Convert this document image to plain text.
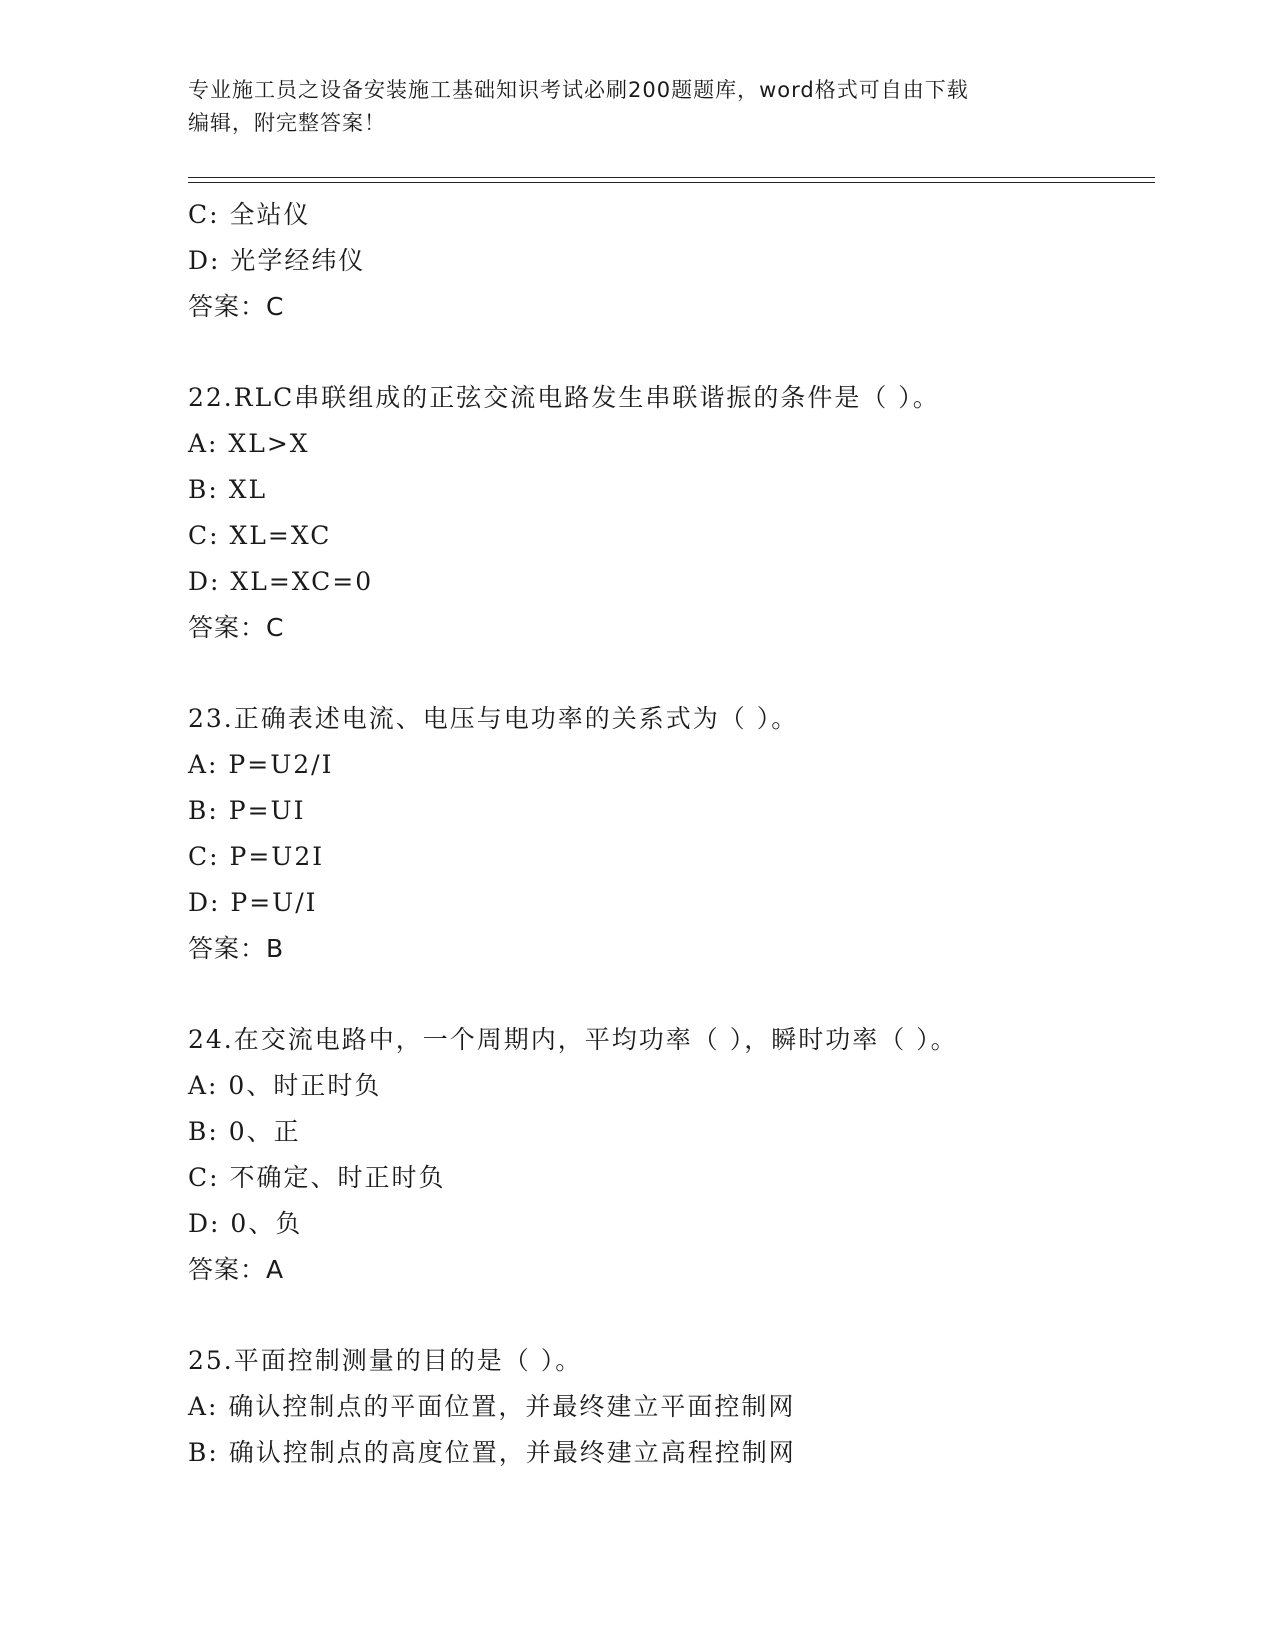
专业施工员之设备安装施工基础知识考试必刷200题题库，word格式可自由下载
编辑，附完整答案！
C: 全站仪
D: 光学经纬仪
答案：C
22.RLC串联组成的正弦交流电路发生串联谐振的条件是（ ）。
A: XL>X
B: XL
C: XL=XC
D: XL=XC=0
答案：C
23.正确表述电流、电压与电功率的关系式为（ ）。
A: P=U2/I
B: P=UI
C: P=U2I
D: P=U/I
答案：B
24.在交流电路中，一个周期内，平均功率（ ），瞬时功率（ ）。
A: 0、时正时负
B: 0、正
C: 不确定、时正时负
D: 0、负
答案：A
25.平面控制测量的目的是（ ）。
A: 确认控制点的平面位置，并最终建立平面控制网
B: 确认控制点的高度位置，并最终建立高程控制网
